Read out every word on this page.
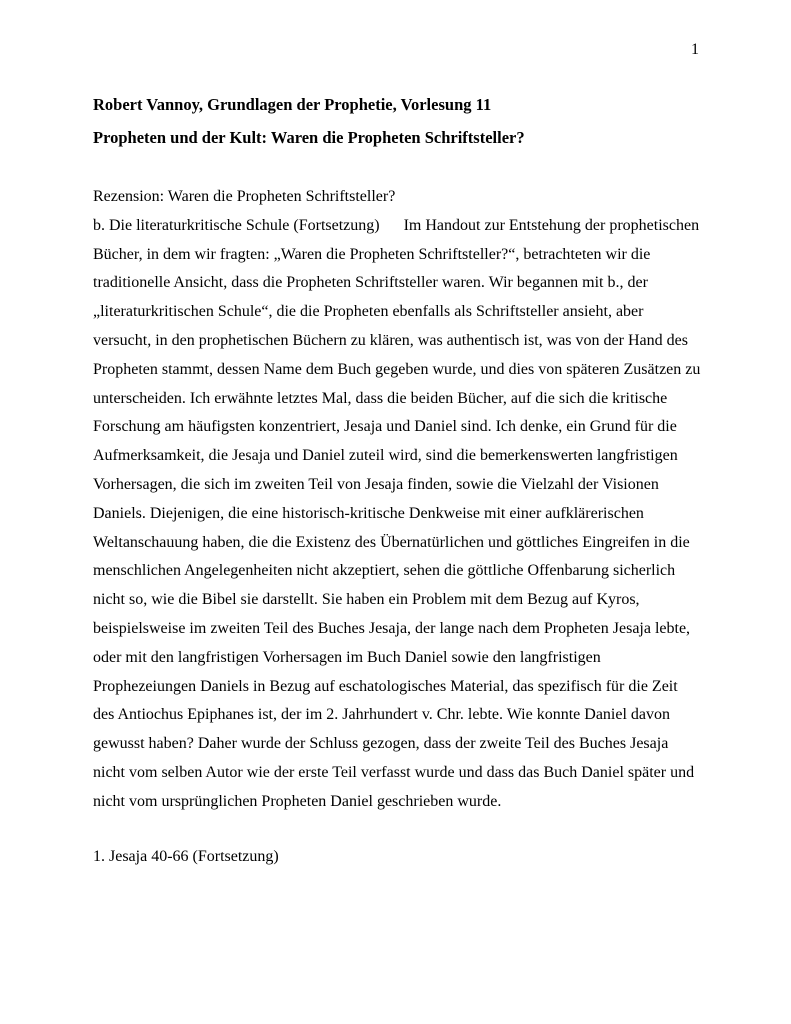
1

Robert Vannoy, Grundlagen der Prophetie, Vorlesung 11

Propheten und der Kult: Waren die Propheten Schriftsteller?

Rezension: Waren die Propheten Schriftsteller?

b. Die literaturkritische Schule (Fortsetzung)      Im Handout zur Entstehung der prophetischen Bücher, in dem wir fragten: „Waren die Propheten Schriftsteller?“, betrachteten wir die traditionelle Ansicht, dass die Propheten Schriftsteller waren. Wir begannen mit b., der „literaturkritischen Schule“, die die Propheten ebenfalls als Schriftsteller ansieht, aber versucht, in den prophetischen Büchern zu klären, was authentisch ist, was von der Hand des Propheten stammt, dessen Name dem Buch gegeben wurde, und dies von späteren Zusätzen zu unterscheiden. Ich erwähnte letztes Mal, dass die beiden Bücher, auf die sich die kritische Forschung am häufigsten konzentriert, Jesaja und Daniel sind. Ich denke, ein Grund für die Aufmerksamkeit, die Jesaja und Daniel zuteil wird, sind die bemerkenswerten langfristigen Vorhersagen, die sich im zweiten Teil von Jesaja finden, sowie die Vielzahl der Visionen Daniels. Diejenigen, die eine historisch-kritische Denkweise mit einer aufklärerischen Weltanschauung haben, die die Existenz des Übernatürlichen und göttliches Eingreifen in die menschlichen Angelegenheiten nicht akzeptiert, sehen die göttliche Offenbarung sicherlich nicht so, wie die Bibel sie darstellt. Sie haben ein Problem mit dem Bezug auf Kyros, beispielsweise im zweiten Teil des Buches Jesaja, der lange nach dem Propheten Jesaja lebte, oder mit den langfristigen Vorhersagen im Buch Daniel sowie den langfristigen Prophezeiungen Daniels in Bezug auf eschatologisches Material, das spezifisch für die Zeit des Antiochus Epiphanes ist, der im 2. Jahrhundert v. Chr. lebte. Wie konnte Daniel davon gewusst haben? Daher wurde der Schluss gezogen, dass der zweite Teil des Buches Jesaja nicht vom selben Autor wie der erste Teil verfasst wurde und dass das Buch Daniel später und nicht vom ursprünglichen Propheten Daniel geschrieben wurde.

1. Jesaja 40-66 (Fortsetzung)
